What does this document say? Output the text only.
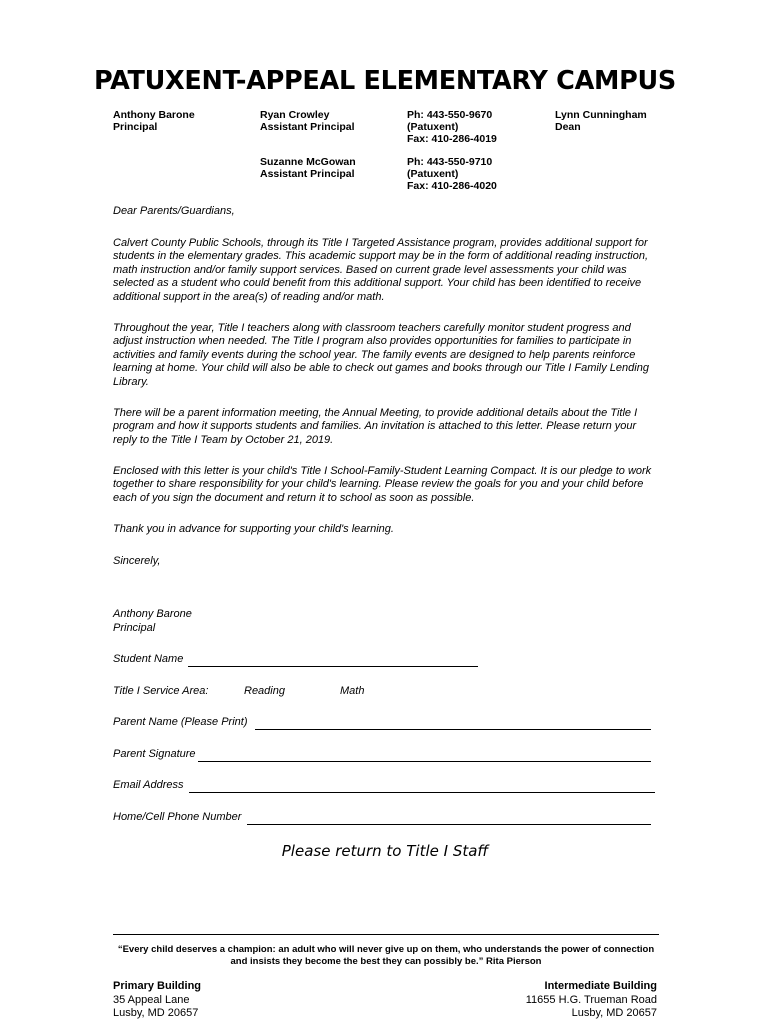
PATUXENT-APPEAL ELEMENTARY CAMPUS
Anthony Barone
Principal
Ryan Crowley
Assistant Principal
Ph: 443-550-9670
(Patuxent)
Fax: 410-286-4019
Lynn Cunningham
Dean
Suzanne McGowan
Assistant Principal
Ph: 443-550-9710
(Patuxent)
Fax: 410-286-4020
Dear Parents/Guardians,
Calvert County Public Schools, through its Title I Targeted Assistance program, provides additional support for students in the elementary grades. This academic support may be in the form of additional reading instruction, math instruction and/or family support services. Based on current grade level assessments your child was selected as a student who could benefit from this additional support. Your child has been identified to receive additional support in the area(s) of reading and/or math.
Throughout the year, Title I teachers along with classroom teachers carefully monitor student progress and adjust instruction when needed. The Title I program also provides opportunities for families to participate in activities and family events during the school year. The family events are designed to help parents reinforce learning at home. Your child will also be able to check out games and books through our Title I Family Lending Library.
There will be a parent information meeting, the Annual Meeting, to provide additional details about the Title I program and how it supports students and families. An invitation is attached to this letter. Please return your reply to the Title I Team by October 21, 2019.
Enclosed with this letter is your child's Title I School-Family-Student Learning Compact. It is our pledge to work together to share responsibility for your child's learning. Please review the goals for you and your child before each of you sign the document and return it to school as soon as possible.
Thank you in advance for supporting your child's learning.
Sincerely,
Anthony Barone
Principal
Student Name
Title I Service Area:	Reading	Math
Parent Name (Please Print)
Parent Signature
Email Address
Home/Cell Phone Number
Please return to Title I Staff
“Every child deserves a champion: an adult who will never give up on them, who understands the power of connection and insists they become the best they can possibly be.” Rita Pierson
Primary Building
35 Appeal Lane
Lusby, MD 20657
Intermediate Building
11655 H.G. Trueman Road
Lusby, MD 20657
